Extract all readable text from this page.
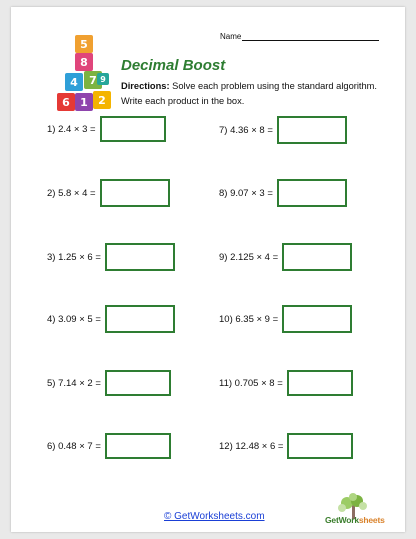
Name
5
8
4	7
6 1 2
9
Decimal Boost
Directions: Solve each problem using the standard algorithm. Write each product in the box.
1) 2.4 × 3 =
2) 5.8 × 4 =
3) 1.25 × 6 =
4) 3.09 × 5 =
5) 7.14 × 2 =
6) 0.48 × 7 =
7) 4.36 × 8 =
8) 9.07 × 3 =
9) 2.125 × 4 =
10) 6.35 × 9 =
11) 0.705 × 8 =
12) 12.48 × 6 =
© GetWorksheets.com	GetWorksheets
